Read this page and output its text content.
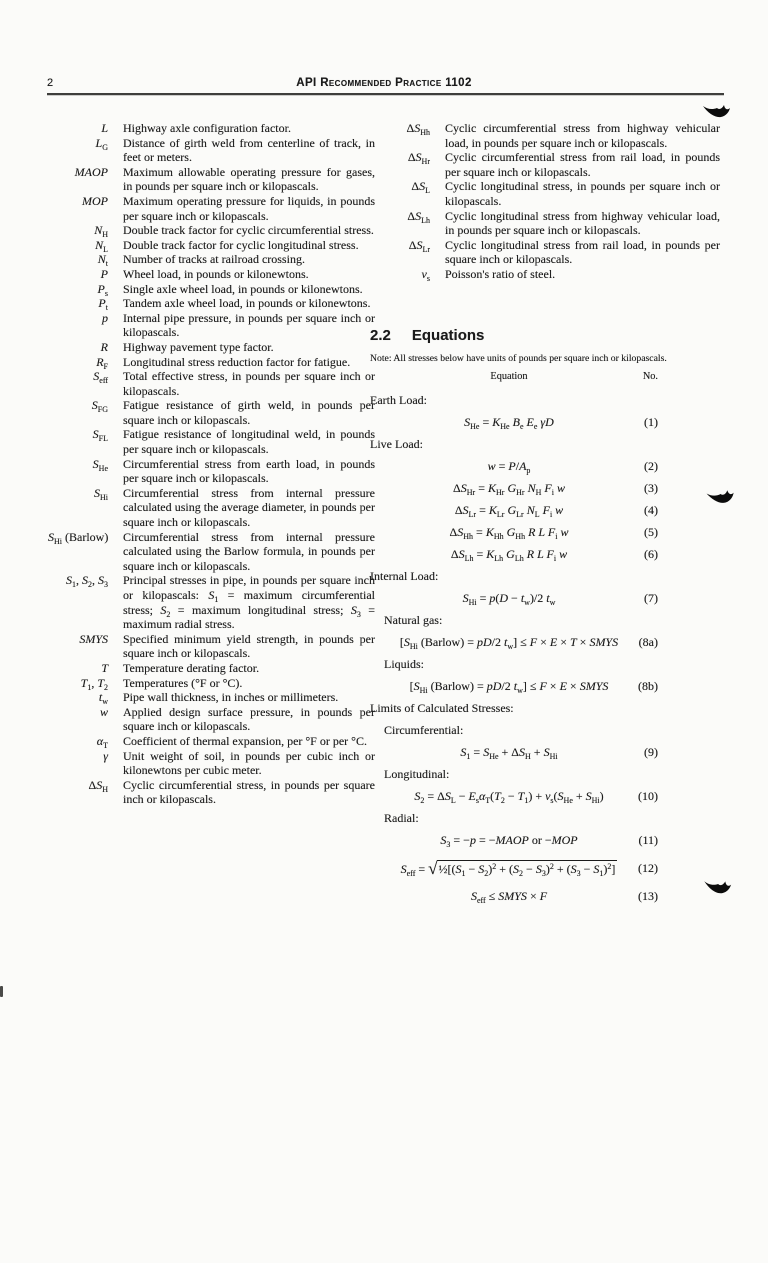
2	API Recommended Practice 1102
L	Highway axle configuration factor.
$L_G$	Distance of girth weld from centerline of track, in feet or meters.
MAOP	Maximum allowable operating pressure for gases, in pounds per square inch or kilopascals.
MOP	Maximum operating pressure for liquids, in pounds per square inch or kilopascals.
$N_H$	Double track factor for cyclic circumferential stress.
$N_L$	Double track factor for cyclic longitudinal stress.
$N_t$	Number of tracks at railroad crossing.
P	Wheel load, in pounds or kilonewtons.
$P_s$	Single axle wheel load, in pounds or kilonewtons.
$P_t$	Tandem axle wheel load, in pounds or kilonewtons.
p	Internal pipe pressure, in pounds per square inch or kilopascals.
R	Highway pavement type factor.
$R_F$	Longitudinal stress reduction factor for fatigue.
$S_{eff}$	Total effective stress, in pounds per square inch or kilopascals.
$S_{FG}$	Fatigue resistance of girth weld, in pounds per square inch or kilopascals.
$S_{FL}$	Fatigue resistance of longitudinal weld, in pounds per square inch or kilopascals.
$S_{He}$	Circumferential stress from earth load, in pounds per square inch or kilopascals.
$S_{Hi}$	Circumferential stress from internal pressure calculated using the average diameter, in pounds per square inch or kilopascals.
$S_{Hi}$ (Barlow)	Circumferential stress from internal pressure calculated using the Barlow formula, in pounds per square inch or kilopascals.
$S_1$, $S_2$, $S_3$	Principal stresses in pipe, in pounds per square inch or kilopascals: $S_1$ = maximum circumferential stress; $S_2$ = maximum longitudinal stress; $S_3$ = maximum radial stress.
SMYS	Specified minimum yield strength, in pounds per square inch or kilopascals.
T	Temperature derating factor.
$T_1$, $T_2$	Temperatures (°F or °C).
$t_w$	Pipe wall thickness, in inches or millimeters.
w	Applied design surface pressure, in pounds per square inch or kilopascals.
$\alpha_T$	Coefficient of thermal expansion, per °F or per °C.
γ	Unit weight of soil, in pounds per cubic inch or kilonewtons per cubic meter.
$\Delta S_H$	Cyclic circumferential stress, in pounds per square inch or kilopascals.
$\Delta S_{Hh}$	Cyclic circumferential stress from highway vehicular load, in pounds per square inch or kilopascals.
$\Delta S_{Hr}$	Cyclic circumferential stress from rail load, in pounds per square inch or kilopascals.
$\Delta S_L$	Cyclic longitudinal stress, in pounds per square inch or kilopascals.
$\Delta S_{Lh}$	Cyclic longitudinal stress from highway vehicular load, in pounds per square inch or kilopascals.
$\Delta S_{Lr}$	Cyclic longitudinal stress from rail load, in pounds per square inch or kilopascals.
$v_s$	Poisson's ratio of steel.
2.2 Equations
Note: All stresses below have units of pounds per square inch or kilopascals.
Equation	No.
Earth Load:
$S_{He} = K_{He}$ $B_e$ $E_e$ γD	(1)
Live Load:
$w = P/A_p$	(2)
$\Delta S_{Hr} = K_{Hr}$ $G_{Hr}$ $N_H$ $F_i$ w	(3)
$\Delta S_{Lr} = K_{Lr}$ $G_{Lr}$ $N_L$ $F_i$ w	(4)
$\Delta S_{Hh} = K_{Hh}$ $G_{Hh}$ R L $F_i$ w	(5)
$\Delta S_{Lh} = K_{Lh}$ $G_{Lh}$ R L $F_i$ w	(6)
Internal Load:
$S_{Hi} = p(D - t_w)/2$ $t_w$	(7)
Natural gas:
[$S_{Hi}$ (Barlow) = pD/2 $t_w] \le F \times E \times T$ × SMYS	(8a)
Liquids:
[$S_{Hi}$ (Barlow) = pD/2 $t_w] \le F \times E$ × SMYS	(8b)
Limits of Calculated Stresses:
Circumferential:
$S_1 = S_{He} + \Delta S_H + S_{Hi}$	(9)
Longitudinal:
$S_2 = \Delta S_L - E_s\alpha_T(T_2 - T_1) + v_s(S_{He} + S_{Hi})$	(10)
Radial:
$S_3 = -p$ = −MAOP or −MOP	(11)
$S_{eff}$ = $√\frac{1}{2}[(S_1 - S_2)^2 + (S_2 - S_3)^2 + (S_3 - S_1)^2]$	(12)
$S_{eff}$ ≤ SMYS × F	(13)
